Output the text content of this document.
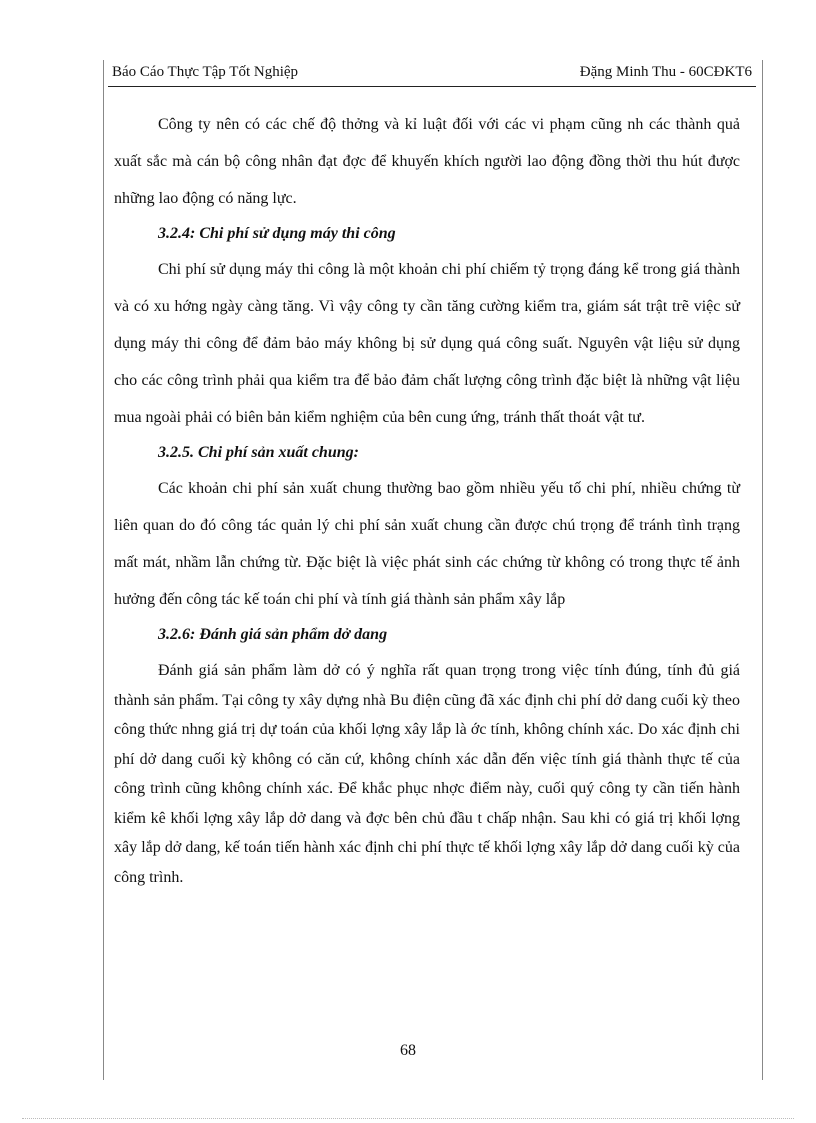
Báo Cáo Thực Tập Tốt Nghiệp	Đặng Minh Thu - 60CĐKT6

Công ty nên có các chế độ thởng và kỉ luật đối với các vi phạm cũng nh các thành quả xuất sắc mà cán bộ công nhân đạt đợc để khuyến khích người lao động đồng thời thu hút được những lao động có năng lực.

3.2.4: Chi phí sử dụng máy thi công

Chi phí sử dụng máy thi công là một khoản chi phí chiếm tỷ trọng đáng kể trong giá thành và có xu hớng ngày càng tăng. Vì vậy công ty cần tăng cường kiểm tra, giám sát trật trẽ việc sử dụng máy thi công để đảm bảo máy không bị sử dụng quá công suất. Nguyên vật liệu sử dụng cho các công trình phải qua kiểm tra để bảo đảm chất lượng công trình đặc biệt là những vật liệu mua ngoài phải có biên bản kiểm nghiệm của bên cung ứng, tránh thất thoát vật tư.

3.2.5. Chi phí sản xuất chung:

Các khoản chi phí sản xuất chung thường bao gồm nhiều yếu tố chi phí, nhiều chứng từ liên quan do đó công tác quản lý chi phí sản xuất chung cần được chú trọng để tránh tình trạng mất mát, nhầm lẫn chứng từ. Đặc biệt là việc phát sinh các chứng từ không có trong thực tế ảnh hưởng đến công tác kế toán chi phí và tính giá thành sản phẩm xây lắp

3.2.6: Đánh giá sản phẩm dở dang

Đánh giá sản phẩm làm dở có ý nghĩa rất quan trọng trong việc tính đúng, tính đủ giá thành sản phẩm. Tại công ty xây dựng nhà Bu điện cũng đã xác định chi phí dở dang cuối kỳ theo công thức nhng giá trị dự toán của khối lợng xây lắp là ớc tính, không chính xác. Do xác định chi phí dở dang cuối kỳ không có căn cứ, không chính xác dẫn đến việc tính giá thành thực tế của công trình cũng không chính xác. Để khắc phục nhợc điểm này, cuối quý công ty cần tiến hành kiểm kê khối lợng xây lắp dở dang và đợc bên chủ đầu t chấp nhận. Sau khi có giá trị khối lợng xây lắp dở dang, kế toán tiến hành xác định chi phí thực tế khối lợng xây lắp dở dang cuối kỳ của công trình.

68
